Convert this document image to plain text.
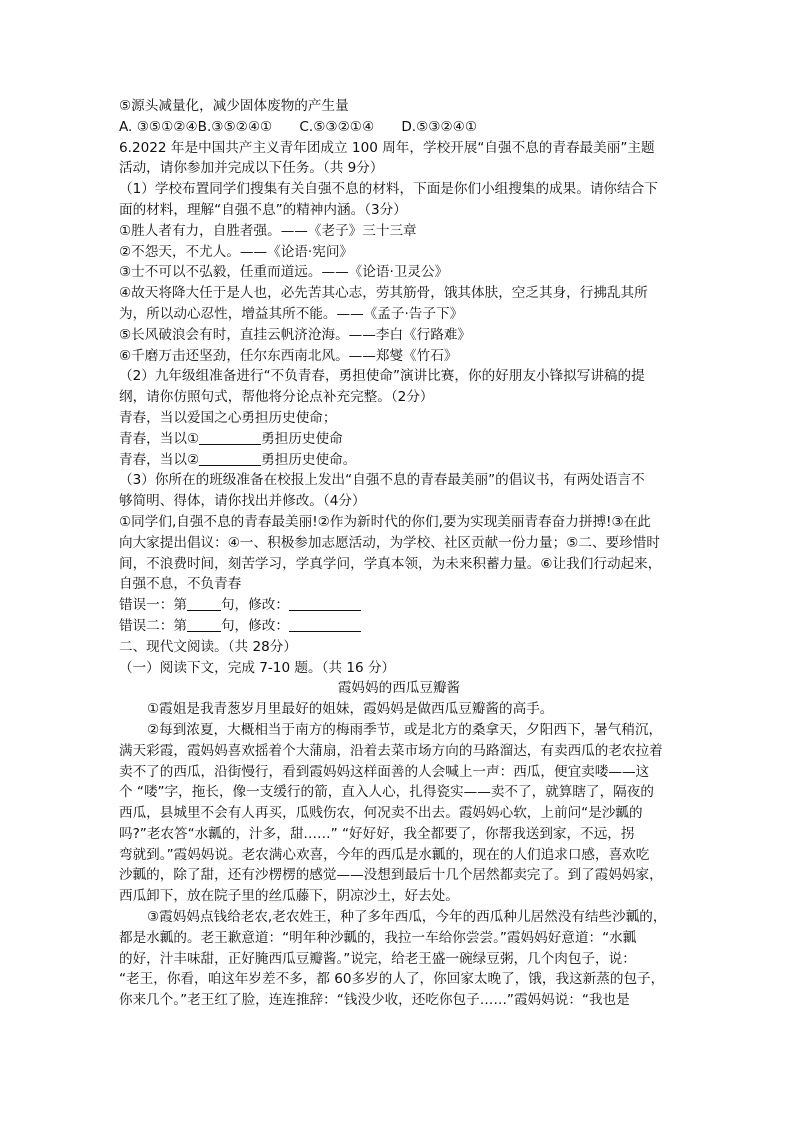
⑤源头减量化，减少固体废物的产生量

A. ③⑤①②④B.③⑤②④①　　C.⑤③②①④　　D.⑤③②④①

6.2022 年是中国共产主义青年团成立 100 周年，学校开展“自强不息的青春最美丽”主题

活动，请你参加并完成以下任务。（共 9分）

（1）学校布置同学们搜集有关自强不息的材料，下面是你们小组搜集的成果。请你结合下

面的材料，理解“自强不息”的精神内涵。（3分）

①胜人者有力，自胜者强。——《老子》三十三章

②不怨天，不尤人。——《论语·宪问》

③士不可以不弘毅，任重而道远。——《论语·卫灵公》

④故天将降大任于是人也，必先苦其心志，劳其筋骨，饿其体肤，空乏其身，行拂乱其所

为，所以动心忍性，增益其所不能。——《孟子·告子下》

⑤长风破浪会有时，直挂云帆济沧海。——李白《行路难》

⑥千磨万击还坚劲，任尔东西南北风。——郑燮《竹石》

（2）九年级组准备进行“不负青春，勇担使命”演讲比赛，你的好朋友小锋拟写讲稿的提

纲，请你仿照句式，帮他将分论点补充完整。（2分）

青春，当以爱国之心勇担历史使命；

青春，当以①	勇担历史使命

青春，当以②	勇担历史使命。

（3）你所在的班级准备在校报上发出“自强不息的青春最美丽”的倡议书，有两处语言不

够简明、得体，请你找出并修改。（4分）

①同学们,自强不息的青春最美丽!②作为新时代的你们,要为实现美丽青春奋力拼搏!③在此

向大家提出倡议：④一、积极参加志愿活动，为学校、社区贡献一份力量；⑤二、要珍惜时

间，不浪费时间，刻苦学习，学真学问，学真本领，为未来积蓄力量。⑥让我们行动起来，

自强不息，不负青春

错误一：第	句，修改：

错误二：第	句，修改：

二、现代文阅读。（共 28分）

（一）阅读下文，完成 7-10 题。（共 16 分）

霞妈妈的西瓜豆瓣酱

①霞姐是我青葱岁月里最好的姐妹，霞妈妈是做西瓜豆瓣酱的高手。

②每到浓夏，大概相当于南方的梅雨季节，或是北方的桑拿天，夕阳西下，暑气稍沉，

满天彩霞，霞妈妈喜欢摇着个大蒲扇，沿着去菜市场方向的马路溜达，有卖西瓜的老农拉着

卖不了的西瓜，沿街慢行，看到霞妈妈这样面善的人会喊上一声：西瓜，便宜卖喽——这

个 “喽”字，拖长，像一支缓行的箭，直入人心，扎得瓷实——卖不了，就算瞎了，隔夜的

西瓜，县城里不会有人再买，瓜贱伤农，何况卖不出去。霞妈妈心软，上前问“是沙瓤的

吗?”老农答“水瓤的，汁多，甜……” “好好好，我全都要了，你帮我送到家，不远，拐

弯就到。”霞妈妈说。老农满心欢喜，今年的西瓜是水瓤的，现在的人们追求口感，喜欢吃

沙瓤的，除了甜，还有沙楞楞的感觉——没想到最后十几个居然都卖完了。到了霞妈妈家，

西瓜卸下，放在院子里的丝瓜藤下，阴凉沙土，好去处。

③霞妈妈点钱给老农,老农姓王，种了多年西瓜，今年的西瓜种儿居然没有结些沙瓤的，

都是水瓤的。老王歉意道：“明年种沙瓤的，我拉一车给你尝尝。”霞妈妈好意道：“水瓤

的好，汁丰味甜，正好腌西瓜豆瓣酱。”说完，给老王盛一碗绿豆粥，几个肉包子，说：

“老王，你看，咱这年岁差不多，都 60多岁的人了，你回家太晚了，饿，我这新蒸的包子，

你来几个。”老王红了脸，连连推辞：“钱没少收，还吃你包子……”霞妈妈说：“我也是
